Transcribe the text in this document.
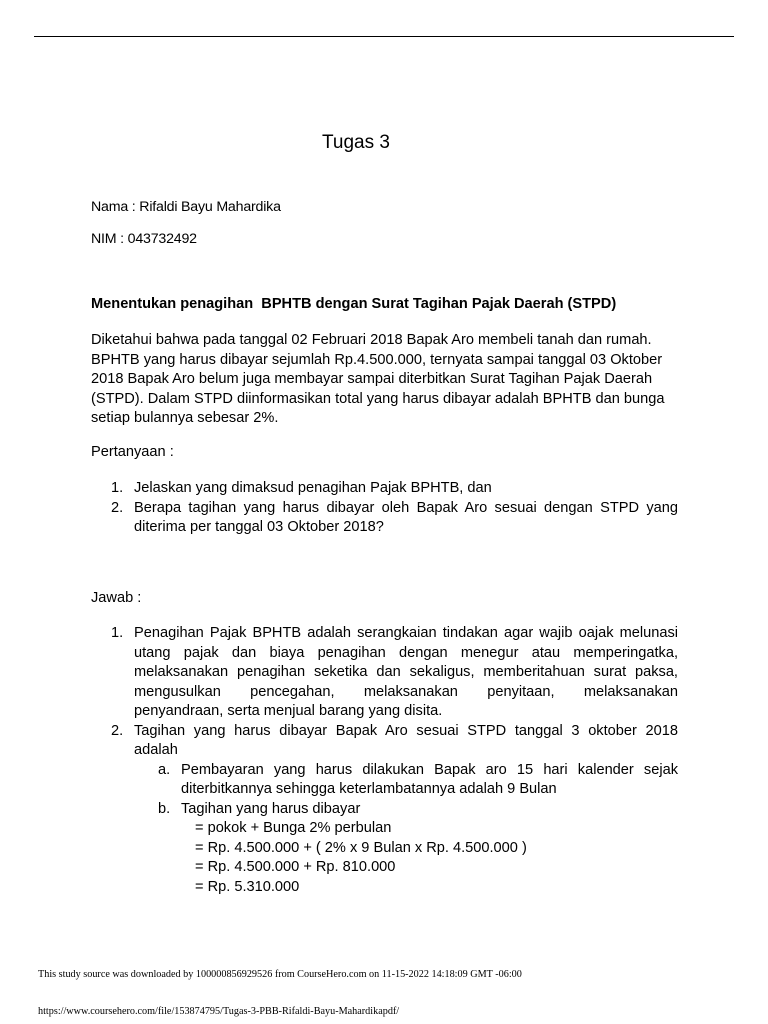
Tugas 3
Nama : Rifaldi Bayu Mahardika
NIM : 043732492
Menentukan penagihan  BPHTB dengan Surat Tagihan Pajak Daerah (STPD)
Diketahui bahwa pada tanggal 02 Februari 2018 Bapak Aro membeli tanah dan rumah.
BPHTB yang harus dibayar sejumlah Rp.4.500.000, ternyata sampai tanggal 03 Oktober
2018 Bapak Aro belum juga membayar sampai diterbitkan Surat Tagihan Pajak Daerah
(STPD). Dalam STPD diinformasikan total yang harus dibayar adalah BPHTB dan bunga
setiap bulannya sebesar 2%.
Pertanyaan :
1. Jelaskan yang dimaksud penagihan Pajak BPHTB, dan
2. Berapa tagihan yang harus dibayar oleh Bapak Aro sesuai dengan STPD yang
diterima per tanggal 03 Oktober 2018?
Jawab :
1. Penagihan Pajak BPHTB adalah serangkaian tindakan agar wajib oajak melunasi
utang pajak dan biaya penagihan dengan menegur atau memperingatka,
melaksanakan penagihan seketika dan sekaligus, memberitahuan surat paksa,
mengusulkan pencegahan, melaksanakan penyitaan, melaksanakan
penyandraan, serta menjual barang yang disita.
2. Tagihan yang harus dibayar Bapak Aro sesuai STPD tanggal 3 oktober 2018
adalah
a. Pembayaran yang harus dilakukan Bapak aro 15 hari kalender sejak
diterbitkannya sehingga keterlambatannya adalah 9 Bulan
b. Tagihan yang harus dibayar
= pokok + Bunga 2% perbulan
= Rp. 4.500.000 + ( 2% x 9 Bulan x Rp. 4.500.000 )
= Rp. 4.500.000 + Rp. 810.000
= Rp. 5.310.000
This study source was downloaded by 100000856929526 from CourseHero.com on 11-15-2022 14:18:09 GMT -06:00
https://www.coursehero.com/file/153874795/Tugas-3-PBB-Rifaldi-Bayu-Mahardikapdf/
